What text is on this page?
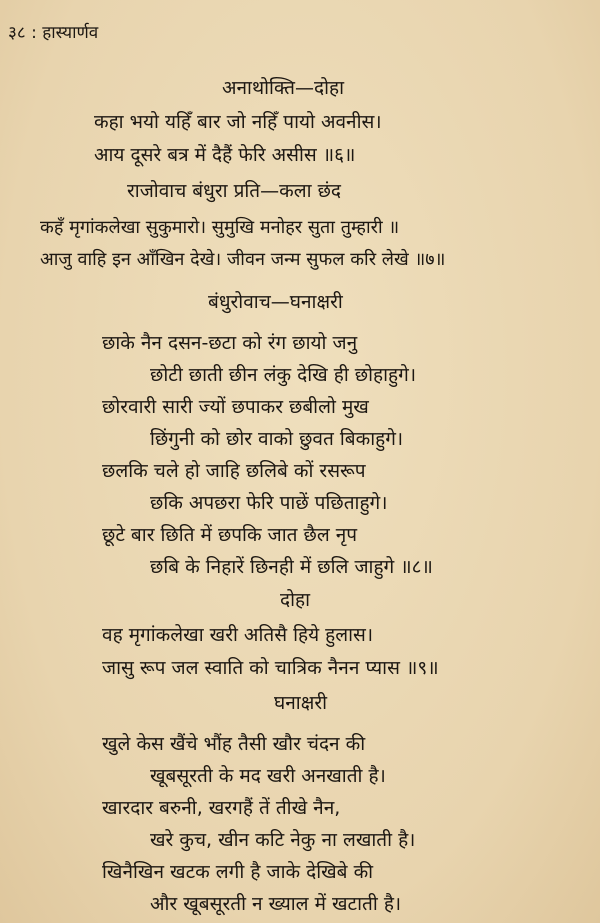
३८ : हास्यार्णव
अनाथोक्ति—दोहा
कहा भयो यहिँ बार जो नहिँ पायो अवनीस।
आय दूसरे बत्र में दैहैं फेरि असीस ॥६॥
राजोवाच बंधुरा प्रति—कला छंद
कहँ मृगांकलेखा सुकुमारो। सुमुखि मनोहर सुता तुम्हारी ॥
आजु वाहि इन आँखिन देखे। जीवन जन्म सुफल करि लेखे ॥७॥
बंधुरोवाच—घनाक्षरी
छाके नैन दसन-छटा को रंग छायो जनु
छोटी छाती छीन लंकु देखि ही छोहाहुगे।
छोरवारी सारी ज्यों छपाकर छबीलो मुख
छिंगुनी को छोर वाको छुवत बिकाहुगे।
छलकि चले हो जाहि छलिबे कों रसरूप
छकि अपछरा फेरि पाछें पछिताहुगे।
छूटे बार छिति में छपकि जात छैल नृप
छबि के निहारें छिनही में छलि जाहुगे ॥८॥
दोहा
वह मृगांकलेखा खरी अतिसै हिये हुलास।
जासु रूप जल स्वाति को चात्रिक नैनन प्यास ॥९॥
घनाक्षरी
खुले केस खैंचे भौंह तैसी खौर चंदन की
खूबसूरती के मद खरी अनखाती है।
खारदार बरुनी, खरगहैं तें तीखे नैन,
खरे कुच, खीन कटि नेकु ना लखाती है।
खिनैखिन खटक लगी है जाके देखिबे की
और खूबसूरती न ख्याल में खटाती है।
